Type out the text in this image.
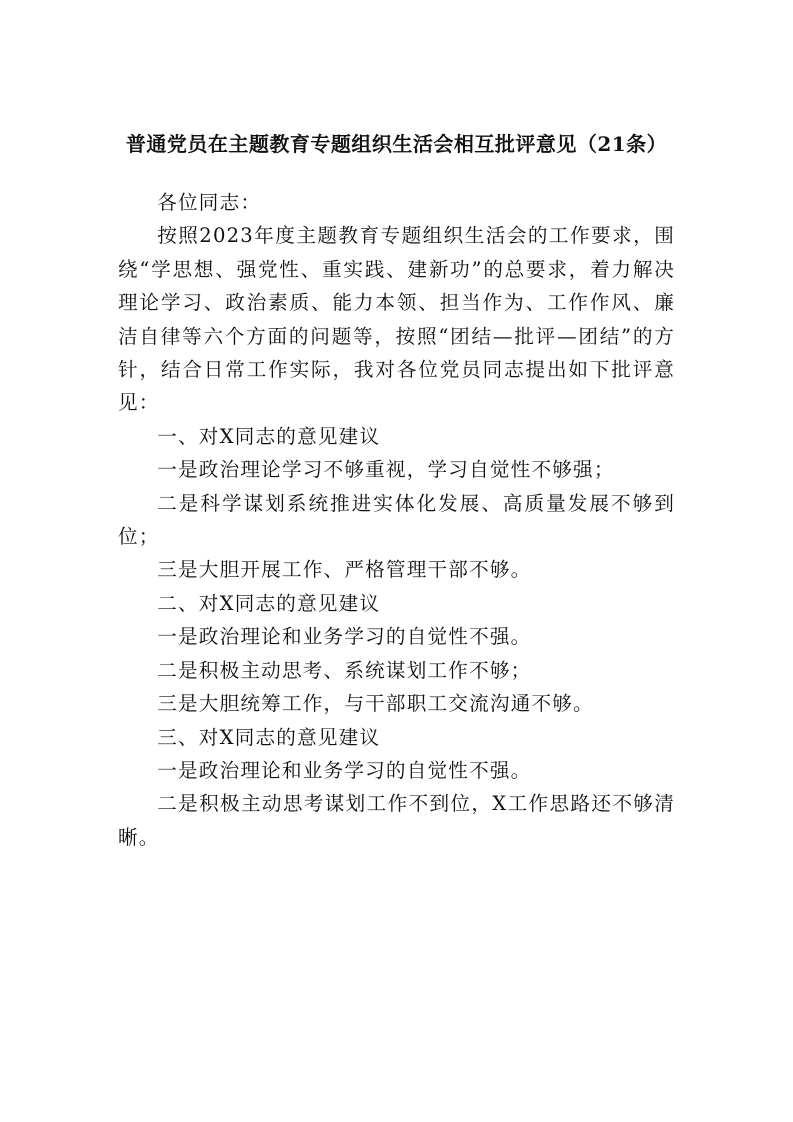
普通党员在主题教育专题组织生活会相互批评意见（21条）

各位同志：

按照2023年度主题教育专题组织生活会的工作要求，围绕“学思想、强党性、重实践、建新功”的总要求，着力解决理论学习、政治素质、能力本领、担当作为、工作作风、廉洁自律等六个方面的问题等，按照“团结—批评—团结”的方针，结合日常工作实际，我对各位党员同志提出如下批评意见：

一、对X同志的意见建议

一是政治理论学习不够重视，学习自觉性不够强；

二是科学谋划系统推进实体化发展、高质量发展不够到位；

三是大胆开展工作、严格管理干部不够。

二、对X同志的意见建议

一是政治理论和业务学习的自觉性不强。

二是积极主动思考、系统谋划工作不够；

三是大胆统筹工作，与干部职工交流沟通不够。

三、对X同志的意见建议

一是政治理论和业务学习的自觉性不强。

二是积极主动思考谋划工作不到位，X工作思路还不够清晰。
